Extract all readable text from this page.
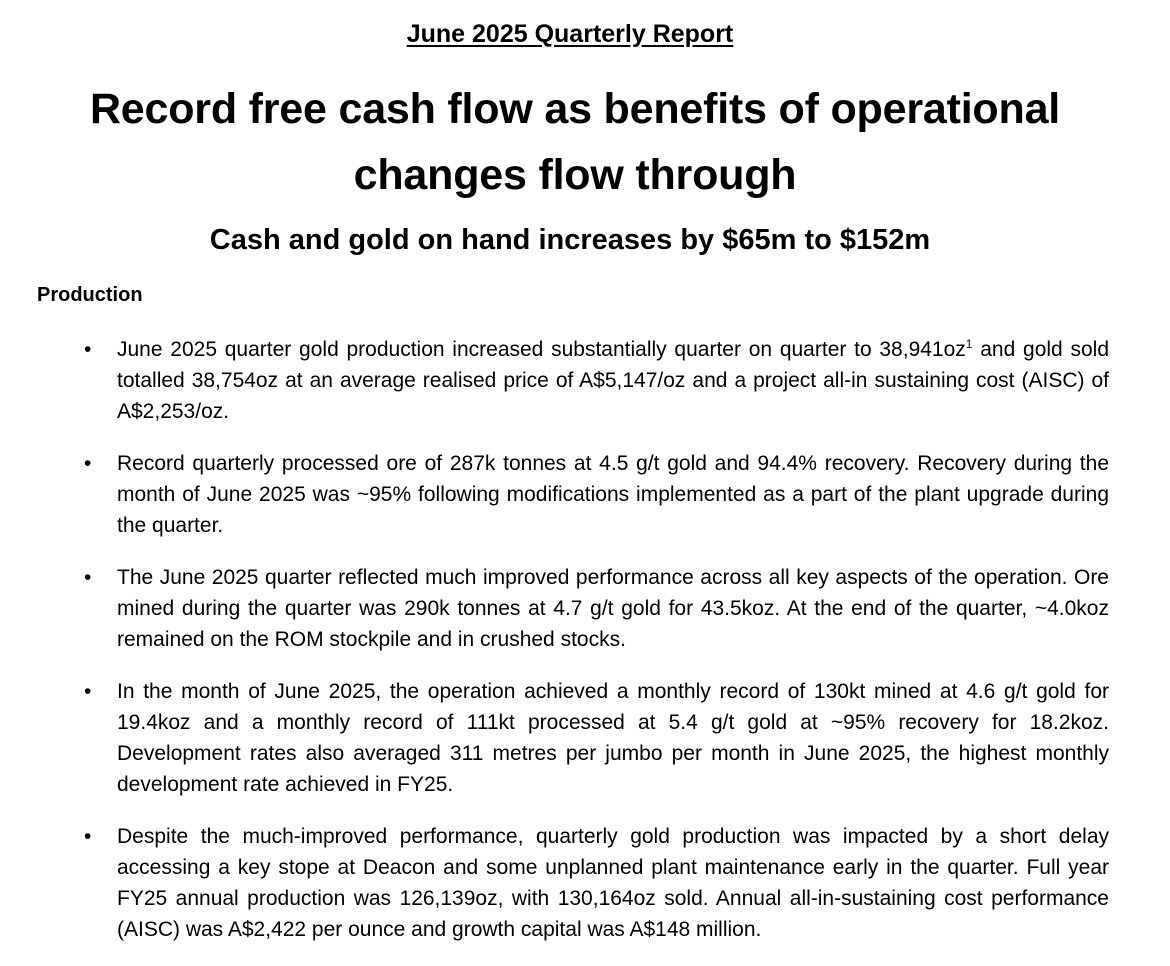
June 2025 Quarterly Report
Record free cash flow as benefits of operational changes flow through
Cash and gold on hand increases by $65m to $152m
Production
• June 2025 quarter gold production increased substantially quarter on quarter to $38,941oz^1$ and gold sold totalled 38,754oz at an average realised price of A$5,147/oz and a project all-in sustaining cost (AISC) of A$2,253/oz.
• Record quarterly processed ore of 287k tonnes at 4.5 g/t gold and 94.4% recovery. Recovery during the month of June 2025 was ~95% following modifications implemented as a part of the plant upgrade during the quarter.
• The June 2025 quarter reflected much improved performance across all key aspects of the operation. Ore mined during the quarter was 290k tonnes at 4.7 g/t gold for 43.5koz. At the end of the quarter, ~4.0koz remained on the ROM stockpile and in crushed stocks.
• In the month of June 2025, the operation achieved a monthly record of 130kt mined at 4.6 g/t gold for 19.4koz and a monthly record of 111kt processed at 5.4 g/t gold at ~95% recovery for 18.2koz. Development rates also averaged 311 metres per jumbo per month in June 2025, the highest monthly development rate achieved in FY25.
• Despite the much-improved performance, quarterly gold production was impacted by a short delay accessing a key stope at Deacon and some unplanned plant maintenance early in the quarter. Full year FY25 annual production was 126,139oz, with 130,164oz sold. Annual all-in-sustaining cost performance (AISC) was A$2,422 per ounce and growth capital was A$148 million.
